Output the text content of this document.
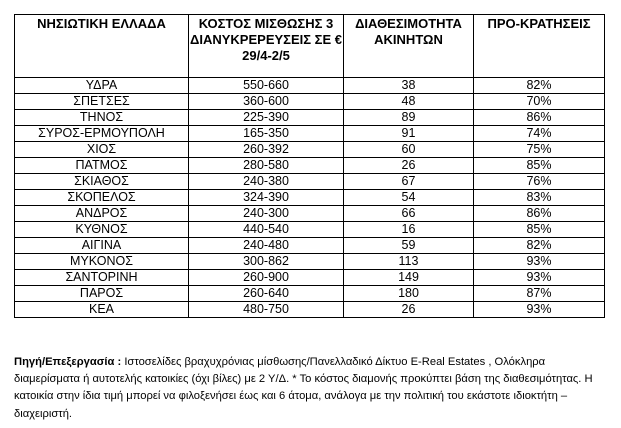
ΝΗΣΙΩΤΙΚΗ ΕΛΛΑΔΑ	ΚΟΣΤΟΣ ΜΙΣΘΩΣΗΣ 3 ΔΙΑΝΥΚΡΕΡΕΥΣΕΙΣ ΣΕ € 29/4-2/5	ΔΙΑΘΕΣΙΜΟΤΗΤΑ ΑΚΙΝΗΤΩΝ	ΠΡΟ-ΚΡΑΤΗΣΕΙΣ
ΥΔΡΑ	550-660	38	82%
ΣΠΕΤΣΕΣ	360-600	48	70%
ΤΗΝΟΣ	225-390	89	86%
ΣΥΡΟΣ-ΕΡΜΟΥΠΟΛΗ	165-350	91	74%
ΧΙΟΣ	260-392	60	75%
ΠΑΤΜΟΣ	280-580	26	85%
ΣΚΙΑΘΟΣ	240-380	67	76%
ΣΚΟΠΕΛΟΣ	324-390	54	83%
ΑΝΔΡΟΣ	240-300	66	86%
ΚΥΘΝΟΣ	440-540	16	85%
ΑΙΓΙΝΑ	240-480	59	82%
ΜΥΚΟΝΟΣ	300-862	113	93%
ΣΑΝΤΟΡΙΝΗ	260-900	149	93%
ΠΑΡΟΣ	260-640	180	87%
ΚΕΑ	480-750	26	93%
Πηγή/Επεξεργασία : Ιστοσελίδες βραχυχρόνιας μίσθωσης/Πανελλαδικό Δίκτυο E-Real Estates , Ολόκληρα διαμερίσματα ή αυτοτελής κατοικίες (όχι βίλες) με 2 Υ/Δ. * Το κόστος διαμονής προκύπτει βάση της διαθεσιμότητας. Η κατοικία στην ίδια τιμή μπορεί να φιλοξενήσει έως και 6 άτομα, ανάλογα με την πολιτική του εκάστοτε ιδιοκτήτη – διαχειριστή.
